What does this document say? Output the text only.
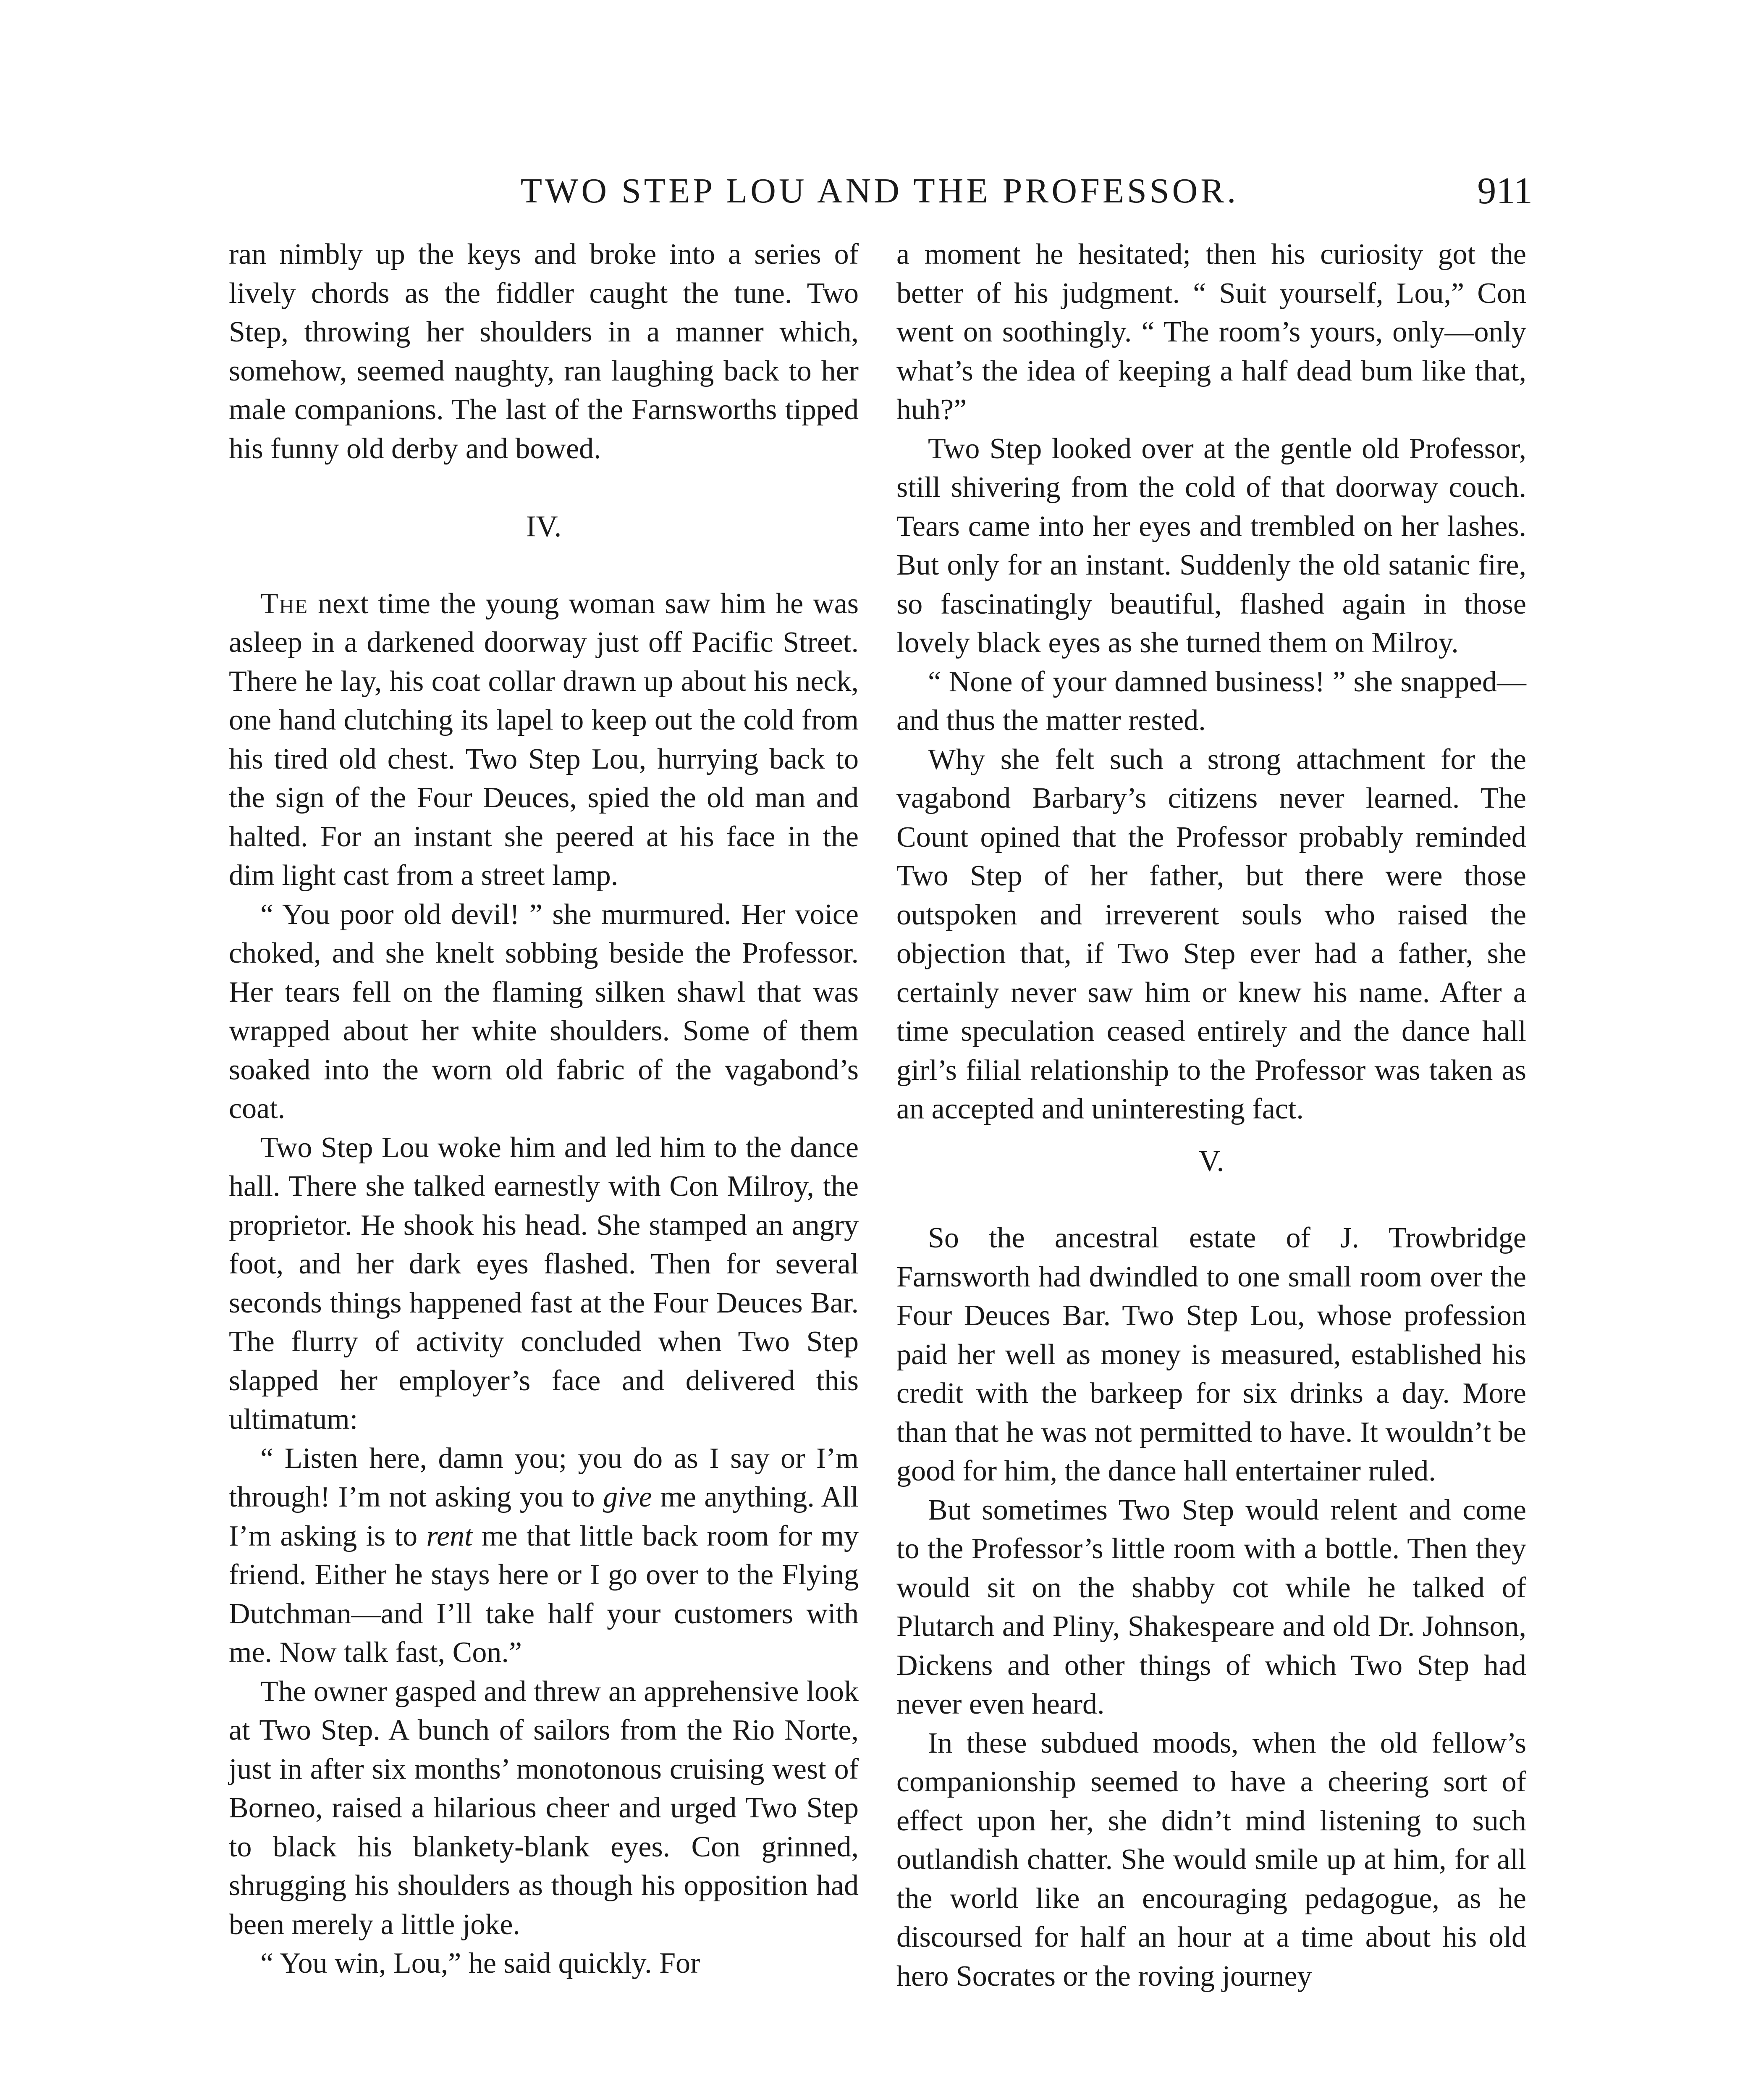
TWO STEP LOU AND THE PROFESSOR.	911

ran nimbly up the keys and broke into a series of lively chords as the fiddler caught the tune. Two Step, throwing her shoulders in a manner which, somehow, seemed naughty, ran laughing back to her male companions. The last of the Farnsworths tipped his funny old derby and bowed.

IV.

The next time the young woman saw him he was asleep in a darkened doorway just off Pacific Street. There he lay, his coat collar drawn up about his neck, one hand clutching its lapel to keep out the cold from his tired old chest. Two Step Lou, hurrying back to the sign of the Four Deuces, spied the old man and halted. For an instant she peered at his face in the dim light cast from a street lamp.

“ You poor old devil! ” she murmured. Her voice choked, and she knelt sobbing beside the Professor. Her tears fell on the flaming silken shawl that was wrapped about her white shoulders. Some of them soaked into the worn old fabric of the vagabond’s coat.

Two Step Lou woke him and led him to the dance hall. There she talked earnestly with Con Milroy, the proprietor. He shook his head. She stamped an angry foot, and her dark eyes flashed. Then for several seconds things happened fast at the Four Deuces Bar. The flurry of activity concluded when Two Step slapped her employer’s face and delivered this ultimatum:

“ Listen here, damn you; you do as I say or I’m through! I’m not asking you to give me anything. All I’m asking is to rent me that little back room for my friend. Either he stays here or I go over to the Flying Dutchman—and I’ll take half your customers with me. Now talk fast, Con.”

The owner gasped and threw an apprehensive look at Two Step. A bunch of sailors from the Rio Norte, just in after six months’ monotonous cruising west of Borneo, raised a hilarious cheer and urged Two Step to black his blankety-blank eyes. Con grinned, shrugging his shoulders as though his opposition had been merely a little joke.

“ You win, Lou,” he said quickly. For

a moment he hesitated; then his curiosity got the better of his judgment. “ Suit yourself, Lou,” Con went on soothingly. “ The room’s yours, only—only what’s the idea of keeping a half dead bum like that, huh?”

Two Step looked over at the gentle old Professor, still shivering from the cold of that doorway couch. Tears came into her eyes and trembled on her lashes. But only for an instant. Suddenly the old satanic fire, so fascinatingly beautiful, flashed again in those lovely black eyes as she turned them on Milroy.

“ None of your damned business! ” she snapped—and thus the matter rested.

Why she felt such a strong attachment for the vagabond Barbary’s citizens never learned. The Count opined that the Professor probably reminded Two Step of her father, but there were those outspoken and irreverent souls who raised the objection that, if Two Step ever had a father, she certainly never saw him or knew his name. After a time speculation ceased entirely and the dance hall girl’s filial relationship to the Professor was taken as an accepted and uninteresting fact.

V.

So the ancestral estate of J. Trowbridge Farnsworth had dwindled to one small room over the Four Deuces Bar. Two Step Lou, whose profession paid her well as money is measured, established his credit with the barkeep for six drinks a day. More than that he was not permitted to have. It wouldn’t be good for him, the dance hall entertainer ruled.

But sometimes Two Step would relent and come to the Professor’s little room with a bottle. Then they would sit on the shabby cot while he talked of Plutarch and Pliny, Shakespeare and old Dr. Johnson, Dickens and other things of which Two Step had never even heard.

In these subdued moods, when the old fellow’s companionship seemed to have a cheering sort of effect upon her, she didn’t mind listening to such outlandish chatter. She would smile up at him, for all the world like an encouraging pedagogue, as he discoursed for half an hour at a time about his old hero Socrates or the roving journey
